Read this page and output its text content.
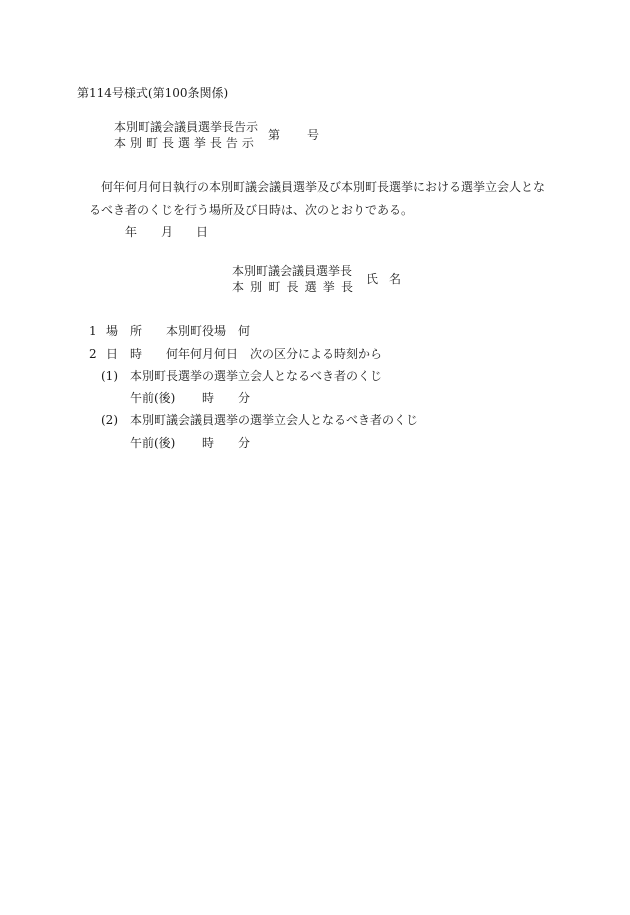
第114号様式(第100条関係)
本別町議会議員選挙長告示
本 別 町 長 選 挙 長 告 示
第 号
何年何月何日執行の本別町議会議員選挙及び本別町長選挙における選挙立会人とな
るべき者のくじを行う場所及び日時は、次のとおりである。
年 月 日
本別町議会議員選挙長
本 別 町 長 選 挙 長
氏 名
1 場 所 本別町役場　何
2 日 時 何年何月何日　次の区分による時刻から
(1) 本別町長選挙の選挙立会人となるべき者のくじ
午前(後) 時 分
(2) 本別町議会議員選挙の選挙立会人となるべき者のくじ
午前(後) 時 分
